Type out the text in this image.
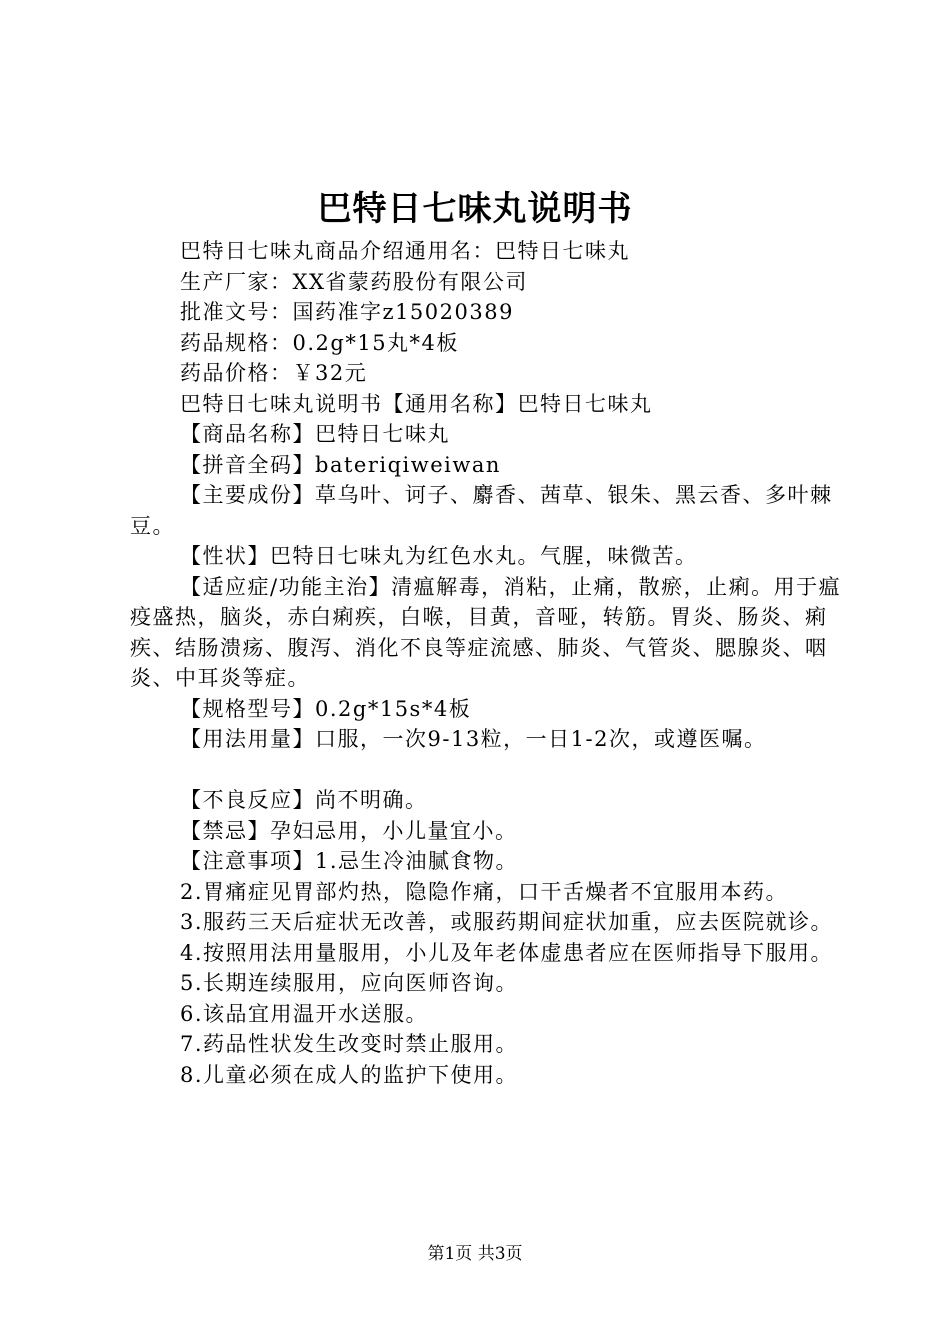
巴特日七味丸说明书

巴特日七味丸商品介绍通用名：巴特日七味丸

生产厂家：XX省蒙药股份有限公司

批准文号：国药准字z15020389

药品规格：0.2g*15丸*4板

药品价格：￥32元

巴特日七味丸说明书【通用名称】巴特日七味丸

【商品名称】巴特日七味丸

【拼音全码】bateriqiweiwan

【主要成份】草乌叶、诃子、麝香、茜草、银朱、黑云香、多叶棘豆。

【性状】巴特日七味丸为红色水丸。气腥，味微苦。

【适应症/功能主治】清瘟解毒，消粘，止痛，散瘀，止痢。用于瘟疫盛热，脑炎，赤白痢疾，白喉，目黄，音哑，转筋。胃炎、肠炎、痢疾、结肠溃疡、腹泻、消化不良等症流感、肺炎、气管炎、腮腺炎、咽炎、中耳炎等症。

【规格型号】0.2g*15s*4板

【用法用量】口服，一次9-13粒，一日1-2次，或遵医嘱。

【不良反应】尚不明确。

【禁忌】孕妇忌用，小儿量宜小。

【注意事项】1.忌生冷油腻食物。

2.胃痛症见胃部灼热，隐隐作痛，口干舌燥者不宜服用本药。

3.服药三天后症状无改善，或服药期间症状加重，应去医院就诊。

4.按照用法用量服用，小儿及年老体虚患者应在医师指导下服用。

5.长期连续服用，应向医师咨询。

6.该品宜用温开水送服。

7.药品性状发生改变时禁止服用。

8.儿童必须在成人的监护下使用。

第1页 共3页
